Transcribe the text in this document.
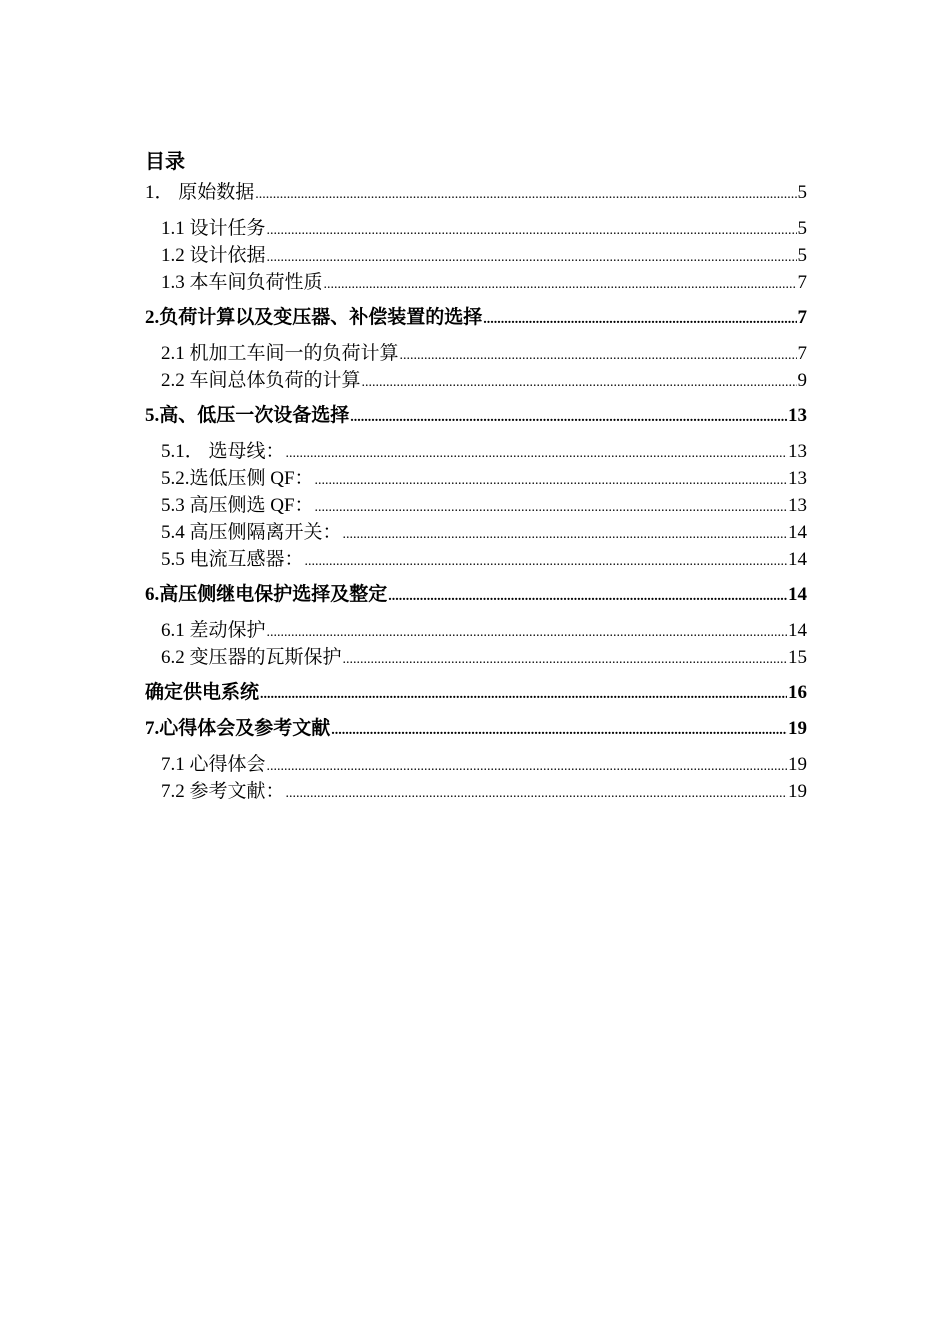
目录
1． 原始数据 .....	5
1.1 设计任务 .....	5
1.2 设计依据 .....	5
1.3 本车间负荷性质 .....	7
2.负荷计算以及变压器、补偿装置的选择 .....	7
2.1 机加工车间一的负荷计算 .....	7
2.2 车间总体负荷的计算 .....	9
5.高、低压一次设备选择 .....	13
5.1． 选母线： .....	13
5.2.选低压侧 QF： .....	13
5.3 高压侧选 QF： .....	13
5.4 高压侧隔离开关： .....	14
5.5 电流互感器： .....	14
6.高压侧继电保护选择及整定 .....	14
6.1 差动保护 .....	14
6.2 变压器的瓦斯保护 .....	15
确定供电系统 .....	16
7.心得体会及参考文献 .....	19
7.1 心得体会 .....	19
7.2 参考文献： .....	19
